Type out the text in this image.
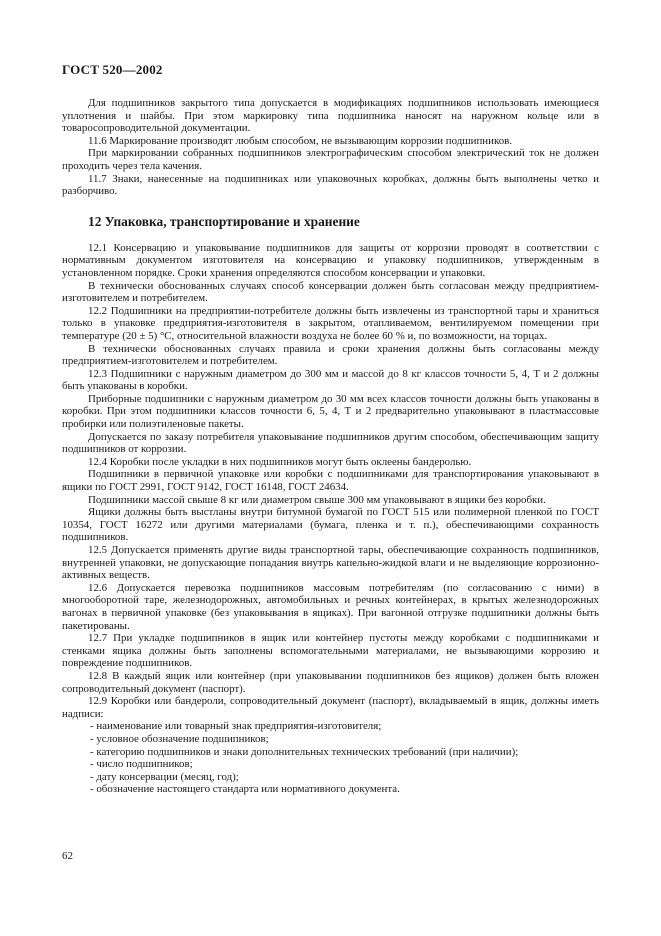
ГОСТ 520—2002

Для подшипников закрытого типа допускается в модификациях подшипников использовать имеющиеся уплотнения и шайбы. При этом маркировку типа подшипника наносят на наружном кольце или в товаросопроводительной документации.

11.6 Маркирование производят любым способом, не вызывающим коррозии подшипников.

При маркировании собранных подшипников электрографическим способом электрический ток не должен проходить через тела качения.

11.7 Знаки, нанесенные на подшипниках или упаковочных коробках, должны быть выполнены четко и разборчиво.

12 Упаковка, транспортирование и хранение

12.1 Консервацию и упаковывание подшипников для защиты от коррозии проводят в соответствии с нормативным документом изготовителя на консервацию и упаковку подшипников, утвержденным в установленном порядке. Сроки хранения определяются способом консервации и упаковки.

В технически обоснованных случаях способ консервации должен быть согласован между предприятием-изготовителем и потребителем.

12.2 Подшипники на предприятии-потребителе должны быть извлечены из транспортной тары и храниться только в упаковке предприятия-изготовителя в закрытом, отапливаемом, вентилируемом помещении при температуре (20 ± 5) °С, относительной влажности воздуха не более 60 % и, по возможности, на торцах.

В технически обоснованных случаях правила и сроки хранения должны быть согласованы между предприятием-изготовителем и потребителем.

12.3 Подшипники с наружным диаметром до 300 мм и массой до 8 кг классов точности 5, 4, Т и 2 должны быть упакованы в коробки.

Приборные подшипники с наружным диаметром до 30 мм всех классов точности должны быть упакованы в коробки. При этом подшипники классов точности 6, 5, 4, Т и 2 предварительно упаковывают в пластмассовые пробирки или полиэтиленовые пакеты.

Допускается по заказу потребителя упаковывание подшипников другим способом, обеспечивающим защиту подшипников от коррозии.

12.4 Коробки после укладки в них подшипников могут быть оклеены бандеролью.

Подшипники в первичной упаковке или коробки с подшипниками для транспортирования упаковывают в ящики по ГОСТ 2991, ГОСТ 9142, ГОСТ 16148, ГОСТ 24634.

Подшипники массой свыше 8 кг или диаметром свыше 300 мм упаковывают в ящики без коробки.

Ящики должны быть выстланы внутри битумной бумагой по ГОСТ 515 или полимерной пленкой по ГОСТ 10354, ГОСТ 16272 или другими материалами (бумага, пленка и т. п.), обеспечивающими сохранность подшипников.

12.5 Допускается применять другие виды транспортной тары, обеспечивающие сохранность подшипников, внутренней упаковки, не допускающие попадания внутрь капельно-жидкой влаги и не выделяющие коррозионно-активных веществ.

12.6 Допускается перевозка подшипников массовым потребителям (по согласованию с ними) в многооборотной таре, железнодорожных, автомобильных и речных контейнерах, в крытых железнодорожных вагонах в первичной упаковке (без упаковывания в ящиках). При вагонной отгрузке подшипники должны быть пакетированы.

12.7 При укладке подшипников в ящик или контейнер пустоты между коробками с подшипниками и стенками ящика должны быть заполнены вспомогательными материалами, не вызывающими коррозию и повреждение подшипников.

12.8 В каждый ящик или контейнер (при упаковывании подшипников без ящиков) должен быть вложен сопроводительный документ (паспорт).

12.9 Коробки или бандероли, сопроводительный документ (паспорт), вкладываемый в ящик, должны иметь надписи:

- наименование или товарный знак предприятия-изготовителя;
- условное обозначение подшипников;
- категорию подшипников и знаки дополнительных технических требований (при наличии);
- число подшипников;
- дату консервации (месяц, год);
- обозначение настоящего стандарта или нормативного документа.
62
